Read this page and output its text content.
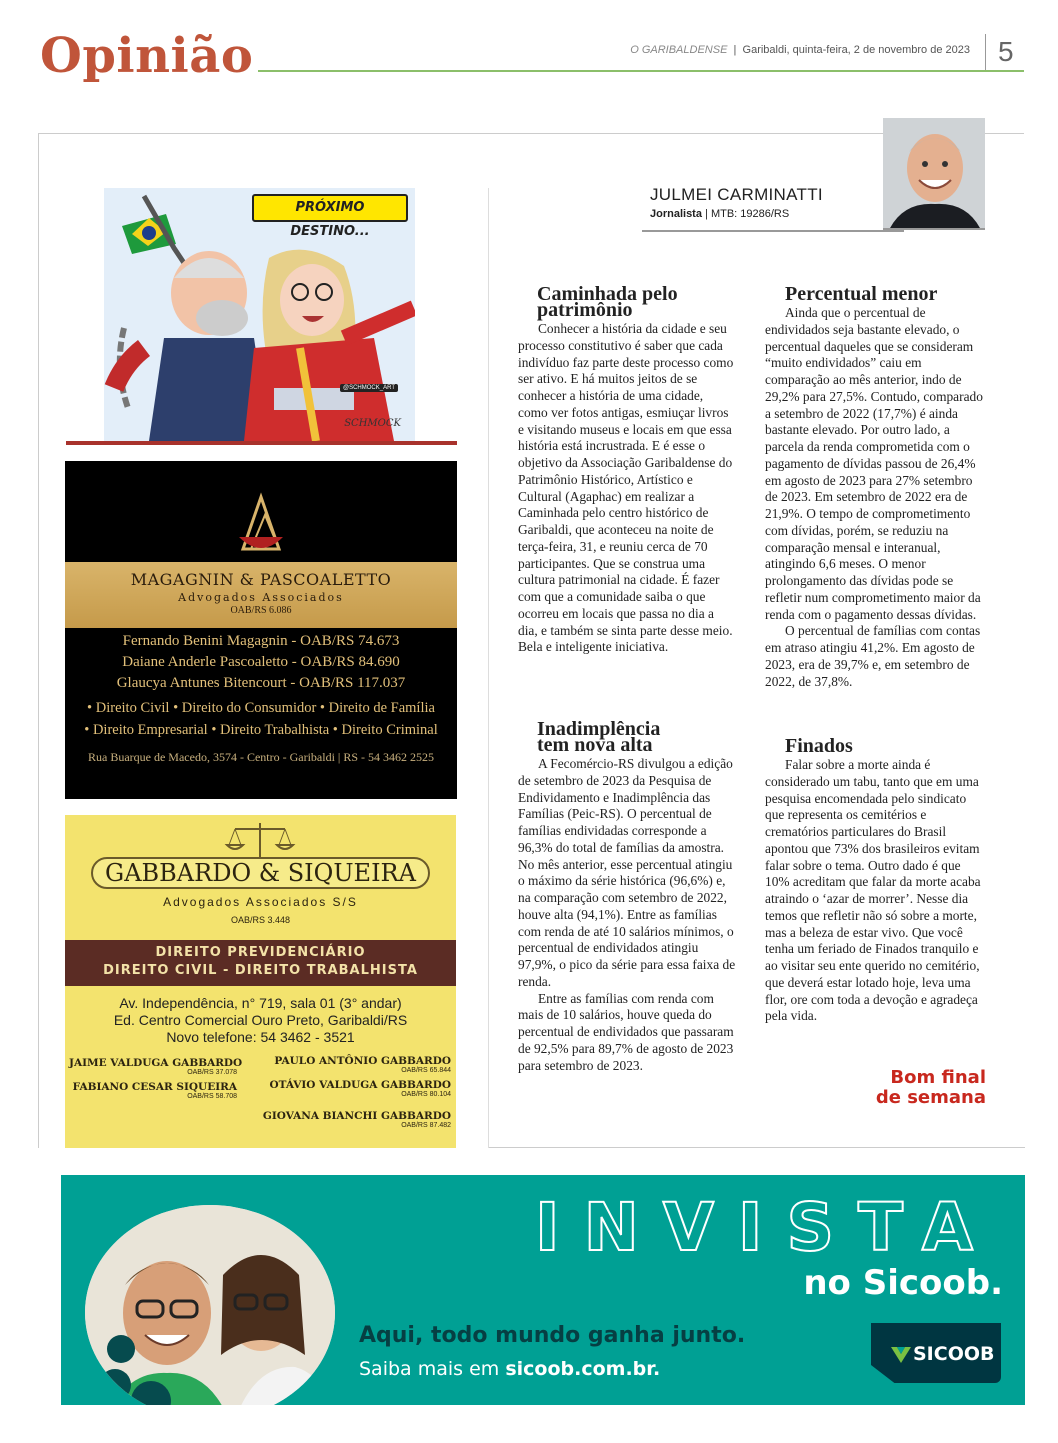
Opinião	O GARIBALDENSE  |  Garibaldi, quinta-feira, 2 de novembro de 2023	5
PRÓXIMO DESTINO...
@SCHMOCK_ART
SCHMOCK
MAGAGNIN & PASCOALETTO
Advogados Associados
OAB/RS 6.086
Fernando Benini Magagnin - OAB/RS 74.673
Daiane Anderle Pascoaletto - OAB/RS 84.690
Glaucya Antunes Bitencourt - OAB/RS 117.037
• Direito Civil • Direito do Consumidor • Direito de Família
• Direito Empresarial • Direito Trabalhista • Direito Criminal
Rua Buarque de Macedo, 3574 - Centro - Garibaldi | RS - 54 3462 2525
GABBARDO & SIQUEIRA
Advogados Associados S/S
OAB/RS 3.448
DIREITO PREVIDENCIÁRIO
DIREITO CIVIL - DIREITO TRABALHISTA
Av. Independência, n° 719, sala 01 (3° andar)
Ed. Centro Comercial Ouro Preto, Garibaldi/RS
Novo telefone: 54 3462 - 3521
JAIME VALDUGA GABBARDO
OAB/RS 37.078
PAULO ANTÔNIO GABBARDO
OAB/RS 65.844
FABIANO CESAR SIQUEIRA
OAB/RS 58.708
OTÁVIO VALDUGA GABBARDO
OAB/RS 80.104
GIOVANA BIANCHI GABBARDO
OAB/RS 87.482
JULMEI CARMINATTI
Jornalista | MTB: 19286/RS
Caminhada pelo
patrimônio

Conhecer a história da cidade e seu processo constitutivo é saber que cada indivíduo faz parte deste processo como ser ativo. E há muitos jeitos de se conhecer a história de uma cidade, como ver fotos antigas, esmiuçar livros e visitando museus e locais em que essa história está incrustrada. E é esse o objetivo da Associação Garibaldense do Patrimônio Histórico, Artístico e Cultural (Agaphac) em realizar a Caminhada pelo centro histórico de Garibaldi, que aconteceu na noite de terça-feira, 31, e reuniu cerca de 70 participantes. Que se construa uma cultura patrimonial na cidade. É fazer com que a comunidade saiba o que ocorreu em locais que passa no dia a dia, e também se sinta parte desse meio. Bela e inteligente iniciativa.

Inadimplência
tem nova alta

A Fecomércio-RS divulgou a edição de setembro de 2023 da Pesquisa de Endividamento e Inadimplência das Famílias (Peic-RS). O percentual de famílias endividadas corresponde a 96,3% do total de famílias da amostra. No mês anterior, esse percentual atingiu o máximo da série histórica (96,6%) e, na comparação com setembro de 2022, houve alta (94,1%). Entre as famílias com renda de até 10 salários mínimos, o percentual de endividados atingiu 97,9%, o pico da série para essa faixa de renda.

Entre as famílias com renda com mais de 10 salários, houve queda do percentual de endividados que passaram de 92,5% para 89,7% de agosto de 2023 para setembro de 2023.

Percentual menor

Ainda que o percentual de endividados seja bastante elevado, o percentual daqueles que se consideram “muito endividados” caiu em comparação ao mês anterior, indo de 29,2% para 27,5%. Contudo, comparado a setembro de 2022 (17,7%) é ainda bastante elevado. Por outro lado, a parcela da renda comprometida com o pagamento de dívidas passou de 26,4% em agosto de 2023 para 27% setembro de 2023. Em setembro de 2022 era de 21,9%. O tempo de comprometimento com dívidas, porém, se reduziu na comparação mensal e interanual, atingindo 6,6 meses. O menor prolongamento das dívidas pode se refletir num comprometimento maior da renda com o pagamento dessas dívidas.

O percentual de famílias com contas em atraso atingiu 41,2%. Em agosto de 2023, era de 39,7% e, em setembro de 2022, de 37,8%.

Finados

Falar sobre a morte ainda é considerado um tabu, tanto que em uma pesquisa encomendada pelo sindicato que representa os cemitérios e crematórios particulares do Brasil apontou que 73% dos brasileiros evitam falar sobre o tema. Outro dado é que 10% acreditam que falar da morte acaba atraindo o ‘azar de morrer’. Nesse dia temos que refletir não só sobre a morte, mas a beleza de estar vivo. Que você tenha um feriado de Finados tranquilo e ao visitar seu ente querido no cemitério, que deverá estar lotado hoje, leva uma flor, ore com toda a devoção e agradeça pela vida.

Bom final
de semana
INVISTA
no Sicoob.
Aqui, todo mundo ganha junto.
Saiba mais em sicoob.com.br.
SICOOB
